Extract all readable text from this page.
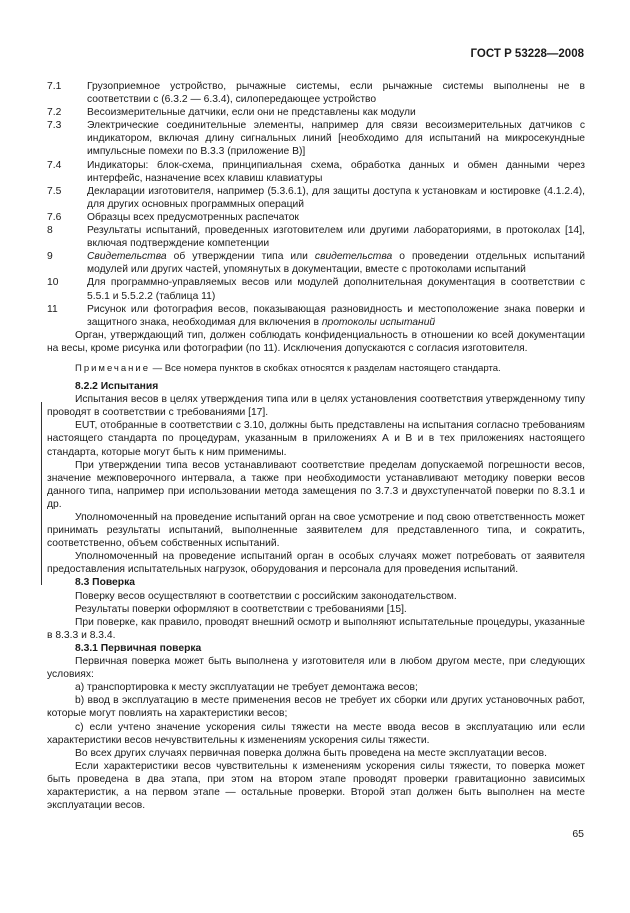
ГОСТ Р 53228—2008
7.1	Грузоприемное устройство, рычажные системы, если рычажные системы выполнены не в соответствии с (6.3.2 — 6.3.4), силопередающее устройство
7.2	Весоизмерительные датчики, если они не представлены как модули
7.3	Электрические соединительные элементы, например для связи весоизмерительных датчиков с индикатором, включая длину сигнальных линий [необходимо для испытаний на микросекундные импульсные помехи по В.3.3 (приложение В)]
7.4	Индикаторы: блок-схема, принципиальная схема, обработка данных и обмен данными через интерфейс, назначение всех клавиш клавиатуры
7.5	Декларации изготовителя, например (5.3.6.1), для защиты доступа к установкам и юстировке (4.1.2.4), для других основных программных операций
7.6	Образцы всех предусмотренных распечаток
8	Результаты испытаний, проведенных изготовителем или другими лабораториями, в протоколах [14], включая подтверждение компетенции
9	Свидетельства об утверждении типа или свидетельства о проведении отдельных испытаний модулей или других частей, упомянутых в документации, вместе с протоколами испытаний
10	Для программно-управляемых весов или модулей дополнительная документация в соответствии с 5.5.1 и 5.5.2.2 (таблица 11)
11	Рисунок или фотография весов, показывающая разновидность и местоположение знака поверки и защитного знака, необходимая для включения в протоколы испытаний

Орган, утверждающий тип, должен соблюдать конфиденциальность в отношении ко всей документации на весы, кроме рисунка или фотографии (по 11). Исключения допускаются с согласия изготовителя.

Примечание — Все номера пунктов в скобках относятся к разделам настоящего стандарта.

8.2.2 Испытания

Испытания весов в целях утверждения типа или в целях установления соответствия утвержденному типу проводят в соответствии с требованиями [17].

EUT, отобранные в соответствии с 3.10, должны быть представлены на испытания согласно требованиям настоящего стандарта по процедурам, указанным в приложениях А и В и в тех приложениях настоящего стандарта, которые могут быть к ним применимы.

При утверждении типа весов устанавливают соответствие пределам допускаемой погрешности весов, значение межповерочного интервала, а также при необходимости устанавливают методику поверки весов данного типа, например при использовании метода замещения по 3.7.3 и двухступенчатой поверки по 8.3.1 и др.

Уполномоченный на проведение испытаний орган на свое усмотрение и под свою ответственность может принимать результаты испытаний, выполненные заявителем для представленного типа, и сократить, соответственно, объем собственных испытаний.

Уполномоченный на проведение испытаний орган в особых случаях может потребовать от заявителя предоставления испытательных нагрузок, оборудования и персонала для проведения испытаний.

8.3 Поверка

Поверку весов осуществляют в соответствии с российским законодательством.

Результаты поверки оформляют в соответствии с требованиями [15].

При поверке, как правило, проводят внешний осмотр и выполняют испытательные процедуры, указанные в 8.3.3 и 8.3.4.

8.3.1 Первичная поверка

Первичная поверка может быть выполнена у изготовителя или в любом другом месте, при следующих условиях:

а) транспортировка к месту эксплуатации не требует демонтажа весов;

b) ввод в эксплуатацию в месте применения весов не требует их сборки или других установочных работ, которые могут повлиять на характеристики весов;

с) если учтено значение ускорения силы тяжести на месте ввода весов в эксплуатацию или если характеристики весов нечувствительны к изменениям ускорения силы тяжести.

Во всех других случаях первичная поверка должна быть проведена на месте эксплуатации весов.

Если характеристики весов чувствительны к изменениям ускорения силы тяжести, то поверка может быть проведена в два этапа, при этом на втором этапе проводят проверки гравитационно зависимых характеристик, а на первом этапе — остальные проверки. Второй этап должен быть выполнен на месте эксплуатации весов.

65
